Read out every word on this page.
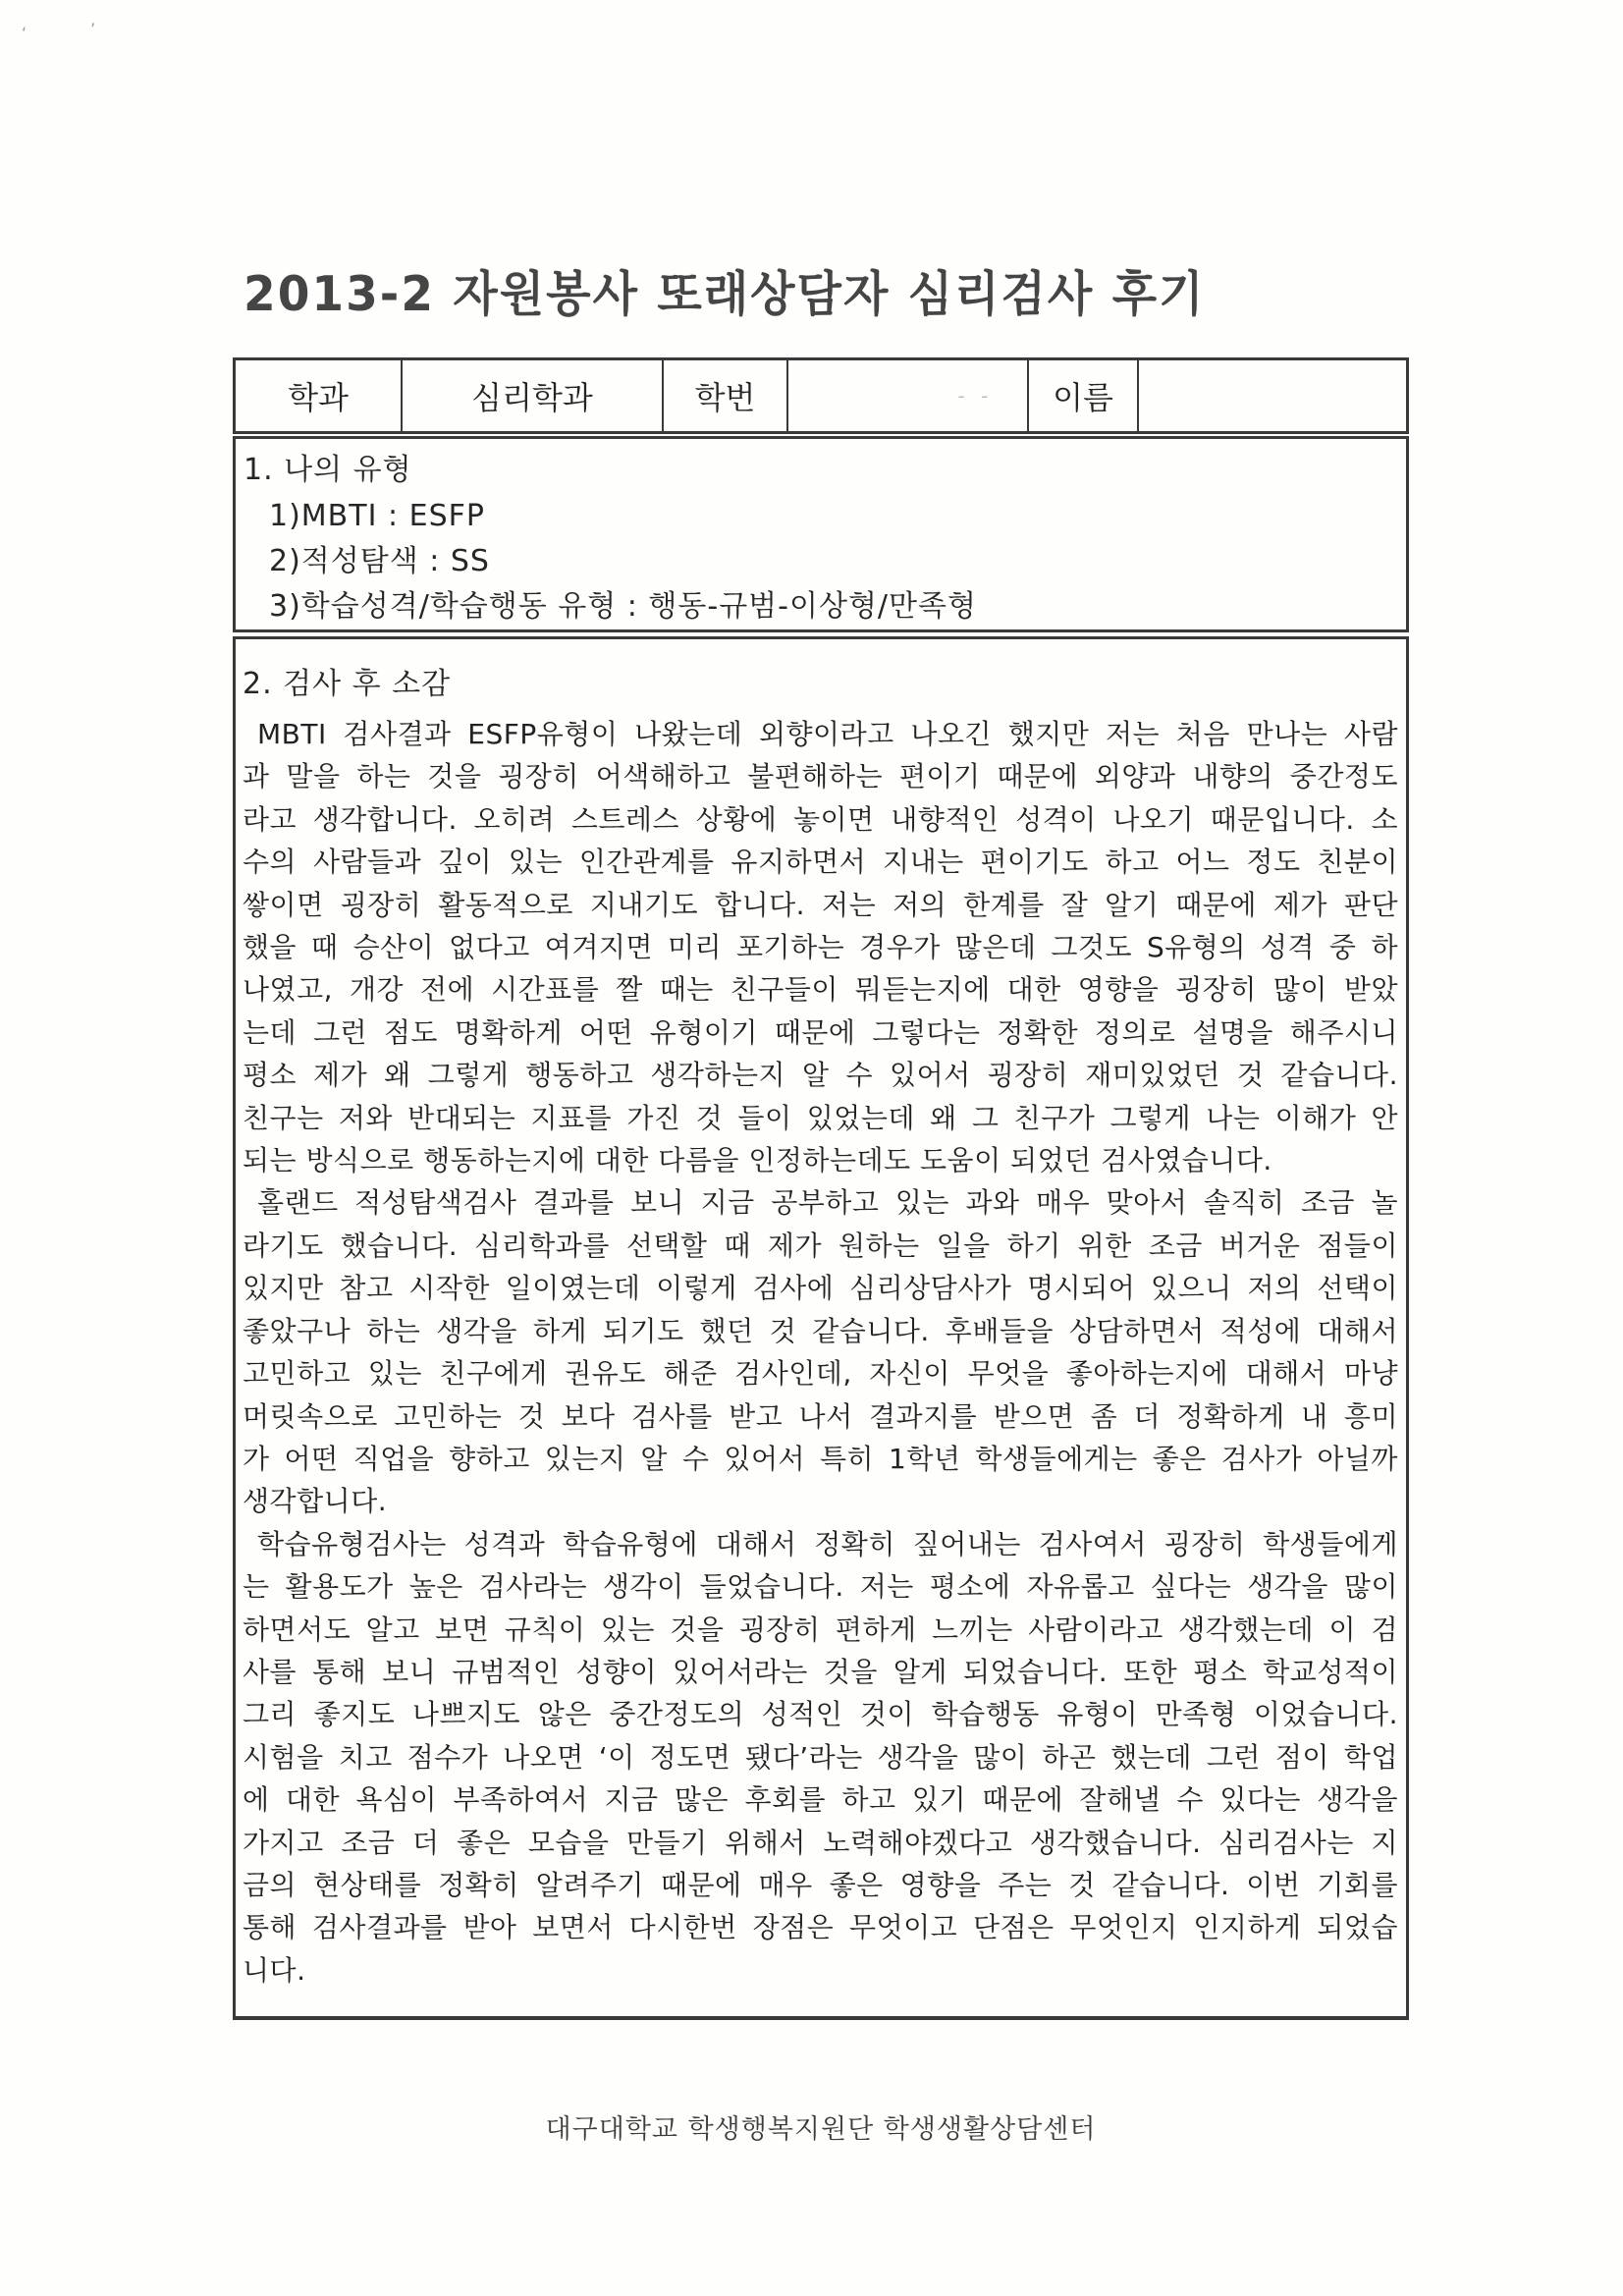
‘	’
2013-2 자원봉사 또래상담자 심리검사 후기
학과	심리학과	학번	- -	이름
1. 나의 유형
1)MBTI : ESFP
2)적성탐색 : SS
3)학습성격/학습행동 유형 : 행동-규범-이상형/만족형
2. 검사 후 소감
MBTI 검사결과 ESFP유형이 나왔는데 외향이라고 나오긴 했지만 저는 처음 만나는 사람
과 말을 하는 것을 굉장히 어색해하고 불편해하는 편이기 때문에 외양과 내향의 중간정도
라고 생각합니다. 오히려 스트레스 상황에 놓이면 내향적인 성격이 나오기 때문입니다. 소
수의 사람들과 깊이 있는 인간관계를 유지하면서 지내는 편이기도 하고 어느 정도 친분이
쌓이면 굉장히 활동적으로 지내기도 합니다. 저는 저의 한계를 잘 알기 때문에 제가 판단
했을 때 승산이 없다고 여겨지면 미리 포기하는 경우가 많은데 그것도 S유형의 성격 중 하
나였고, 개강 전에 시간표를 짤 때는 친구들이 뭐듣는지에 대한 영향을 굉장히 많이 받았
는데 그런 점도 명확하게 어떤 유형이기 때문에 그렇다는 정확한 정의로 설명을 해주시니
평소 제가 왜 그렇게 행동하고 생각하는지 알 수 있어서 굉장히 재미있었던 것 같습니다.
친구는 저와 반대되는 지표를 가진 것 들이 있었는데 왜 그 친구가 그렇게 나는 이해가 안
되는 방식으로 행동하는지에 대한 다름을 인정하는데도 도움이 되었던 검사였습니다.
홀랜드 적성탐색검사 결과를 보니 지금 공부하고 있는 과와 매우 맞아서 솔직히 조금 놀
라기도 했습니다. 심리학과를 선택할 때 제가 원하는 일을 하기 위한 조금 버거운 점들이
있지만 참고 시작한 일이였는데 이렇게 검사에 심리상담사가 명시되어 있으니 저의 선택이
좋았구나 하는 생각을 하게 되기도 했던 것 같습니다. 후배들을 상담하면서 적성에 대해서
고민하고 있는 친구에게 권유도 해준 검사인데, 자신이 무엇을 좋아하는지에 대해서 마냥
머릿속으로 고민하는 것 보다 검사를 받고 나서 결과지를 받으면 좀 더 정확하게 내 흥미
가 어떤 직업을 향하고 있는지 알 수 있어서 특히 1학년 학생들에게는 좋은 검사가 아닐까
생각합니다.
학습유형검사는 성격과 학습유형에 대해서 정확히 짚어내는 검사여서 굉장히 학생들에게
는 활용도가 높은 검사라는 생각이 들었습니다. 저는 평소에 자유롭고 싶다는 생각을 많이
하면서도 알고 보면 규칙이 있는 것을 굉장히 편하게 느끼는 사람이라고 생각했는데 이 검
사를 통해 보니 규범적인 성향이 있어서라는 것을 알게 되었습니다. 또한 평소 학교성적이
그리 좋지도 나쁘지도 않은 중간정도의 성적인 것이 학습행동 유형이 만족형 이었습니다.
시험을 치고 점수가 나오면 ‘이 정도면 됐다’라는 생각을 많이 하곤 했는데 그런 점이 학업
에 대한 욕심이 부족하여서 지금 많은 후회를 하고 있기 때문에 잘해낼 수 있다는 생각을
가지고 조금 더 좋은 모습을 만들기 위해서 노력해야겠다고 생각했습니다. 심리검사는 지
금의 현상태를 정확히 알려주기 때문에 매우 좋은 영향을 주는 것 같습니다. 이번 기회를
통해 검사결과를 받아 보면서 다시한번 장점은 무엇이고 단점은 무엇인지 인지하게 되었습
니다.
대구대학교 학생행복지원단 학생생활상담센터
